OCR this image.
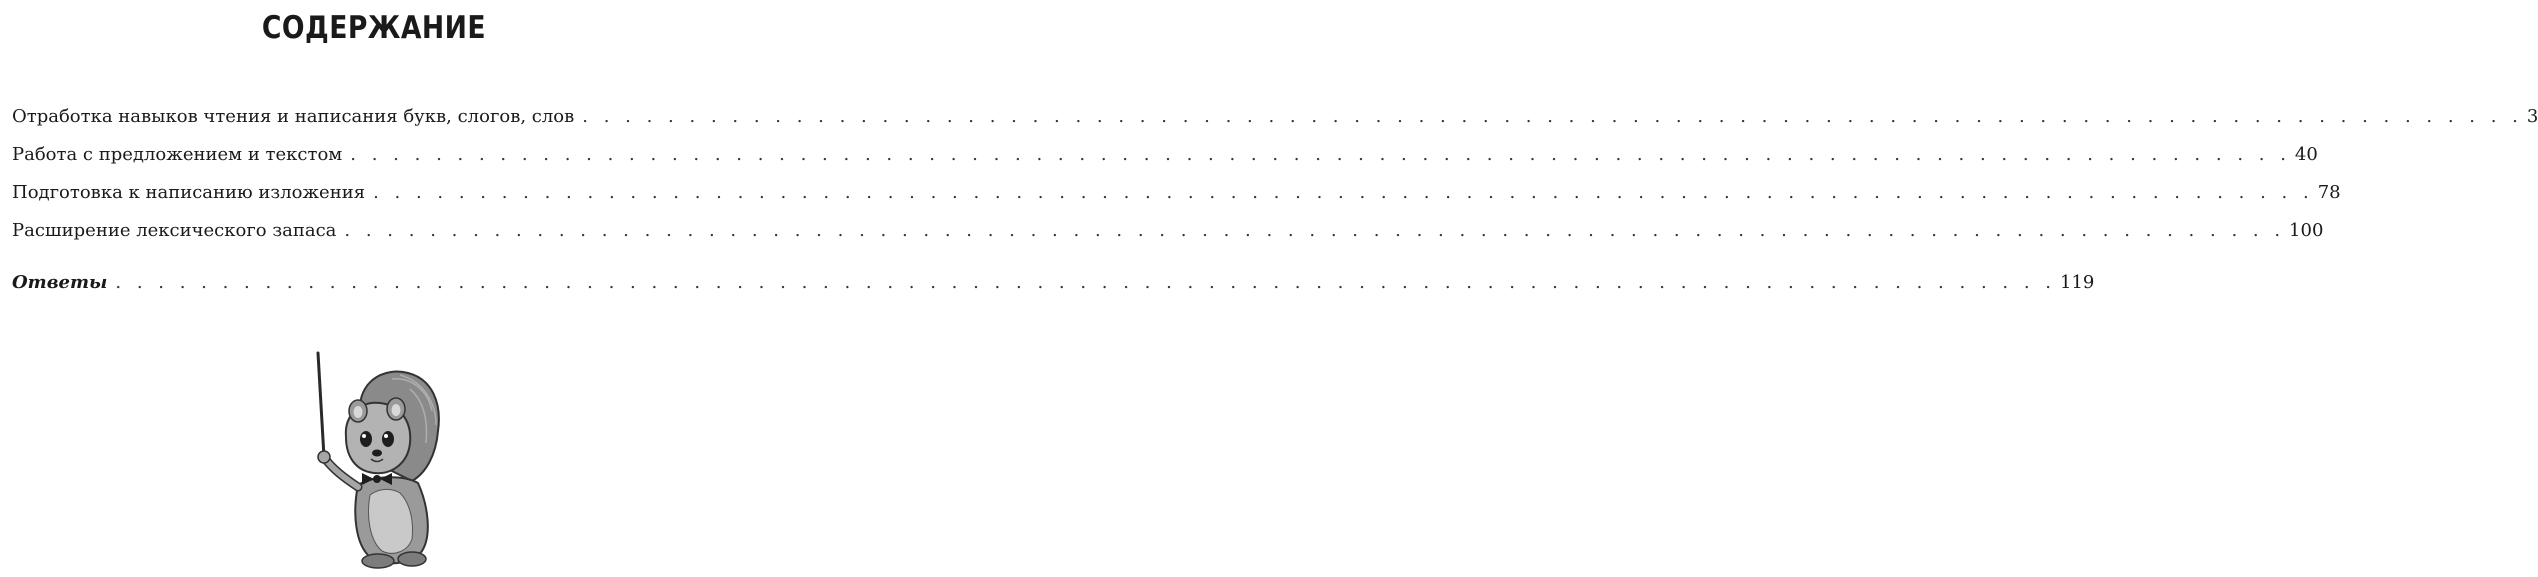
СОДЕРЖАНИЕ
Отработка навыков чтения и написания букв, слогов, слов . . . . . . . . . . . . . . . . . . . . . . . . . . . . . . . . . . . . . . . . . . . . . . . . . . . . . . . . . . . . . . . . . . . . . . . . . . . . . . . . . . . . . . . . . . . 3
Работа с предложением и текстом . . . . . . . . . . . . . . . . . . . . . . . . . . . . . . . . . . . . . . . . . . . . . . . . . . . . . . . . . . . . . . . . . . . . . . . . . . . . . . . . . . . . . . . . . . . 40
Подготовка к написанию изложения . . . . . . . . . . . . . . . . . . . . . . . . . . . . . . . . . . . . . . . . . . . . . . . . . . . . . . . . . . . . . . . . . . . . . . . . . . . . . . . . . . . . . . . . . . . 78
Расширение лексического запаса . . . . . . . . . . . . . . . . . . . . . . . . . . . . . . . . . . . . . . . . . . . . . . . . . . . . . . . . . . . . . . . . . . . . . . . . . . . . . . . . . . . . . . . . . . . 100
Ответы . . . . . . . . . . . . . . . . . . . . . . . . . . . . . . . . . . . . . . . . . . . . . . . . . . . . . . . . . . . . . . . . . . . . . . . . . . . . . . . . . . . . . . . . . . . 119
